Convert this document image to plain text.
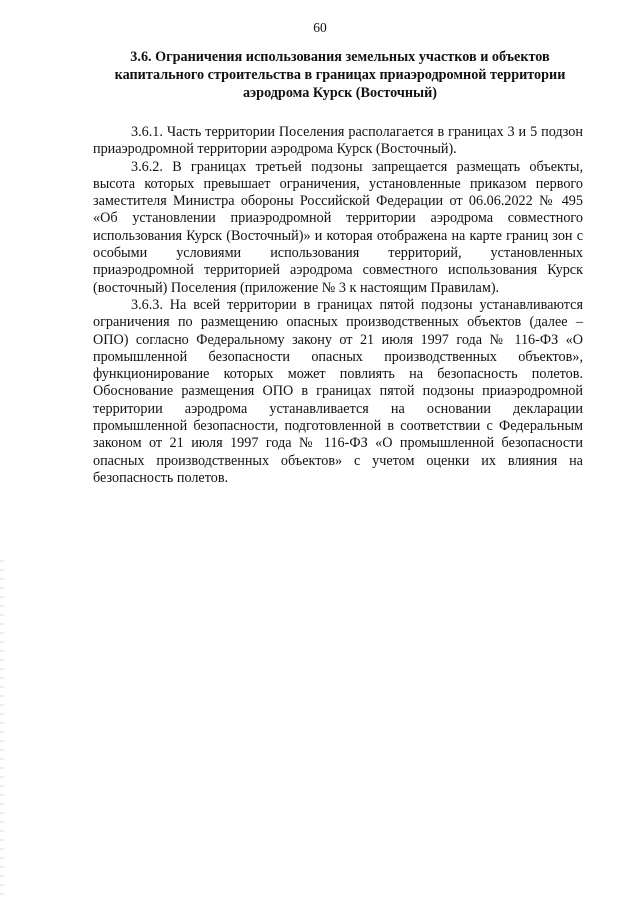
60
3.6. Ограничения использования земельных участков и объектов
капитального строительства в границах приаэродромной территории
аэродрома Курск (Восточный)

3.6.1. Часть территории Поселения располагается в границах 3 и 5 подзон приаэродромной территории аэродрома Курск (Восточный).

3.6.2. В границах третьей подзоны запрещается размещать объекты, высота которых превышает ограничения, установленные приказом первого заместителя Министра обороны Российской Федерации от 06.06.2022 № 495 «Об установлении приаэродромной территории аэродрома совместного использования Курск (Восточный)» и которая отображена на карте границ зон с особыми условиями использования территорий, установленных приаэродромной территорией аэродрома совместного использования Курск (восточный) Поселения (приложение № 3 к настоящим Правилам).

3.6.3. На всей территории в границах пятой подзоны устанавливаются ограничения по размещению опасных производственных объектов (далее – ОПО) согласно Федеральному закону от 21 июля 1997 года № 116-ФЗ «О промышленной безопасности опасных производственных объектов», функционирование которых может повлиять на безопасность полетов. Обоснование размещения ОПО в границах пятой подзоны приаэродромной территории аэродрома устанавливается на основании декларации промышленной безопасности, подготовленной в соответствии с Федеральным законом от 21 июля 1997 года № 116-ФЗ «О промышленной безопасности опасных производственных объектов» с учетом оценки их влияния на безопасность полетов.
